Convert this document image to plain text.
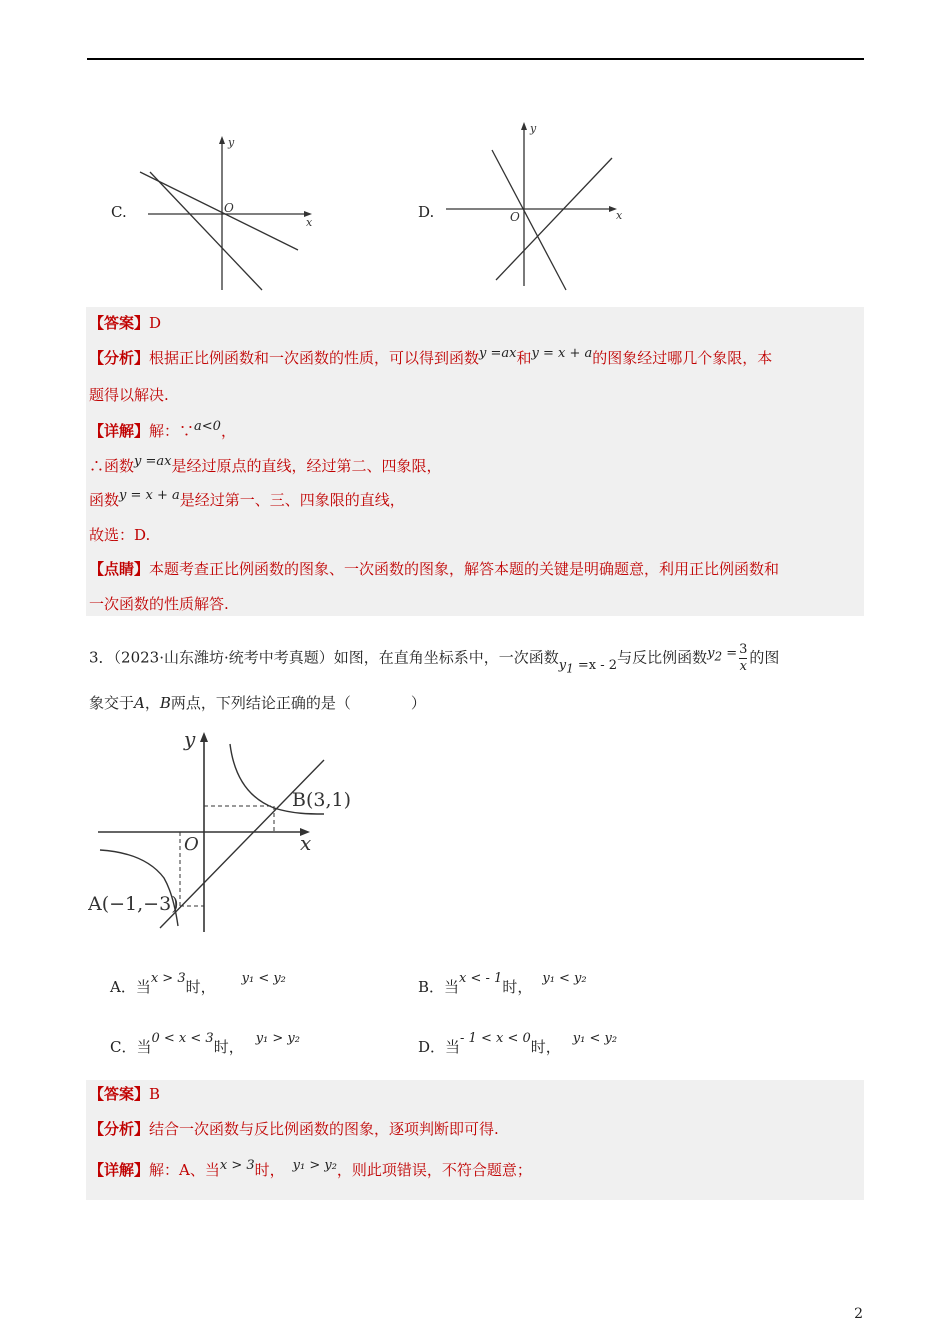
C.
y
x
O	D.
y
x
O
【答案】D
【分析】根据正比例函数和一次函数的性质，可以得到函数y =ax和y = x + a的图象经过哪几个象限，本
题得以解决.
【详解】解：∵a<0，
∴函数y =ax是经过原点的直线，经过第二、四象限，
函数y = x + a是经过第一、三、四象限的直线，
故选：D.
【点睛】本题考查正比例函数的图象、一次函数的图象，解答本题的关键是明确题意，利用正比例函数和
一次函数的性质解答.
3．（2023·山东潍坊·统考中考真题）如图，在直角坐标系中，一次函数$y_1 =x - 2$与反比例函数$y_2 = \frac{3}{x}$ 的图
象交于A，B两点，下列结论正确的是（　　　　）
y
x
O
B(3,1)
A(−1,−3)
A．当x > 3时， y₁ < y₂	B．当x < - 1时， y₁ < y₂
C．当0 < x < 3时， y₁ > y₂	D．当- 1 < x < 0时， y₁ < y₂
【答案】B
【分析】结合一次函数与反比例函数的图象，逐项判断即可得.
【详解】解：A、当x > 3时， y₁ > y₂，则此项错误，不符合题意；
2
